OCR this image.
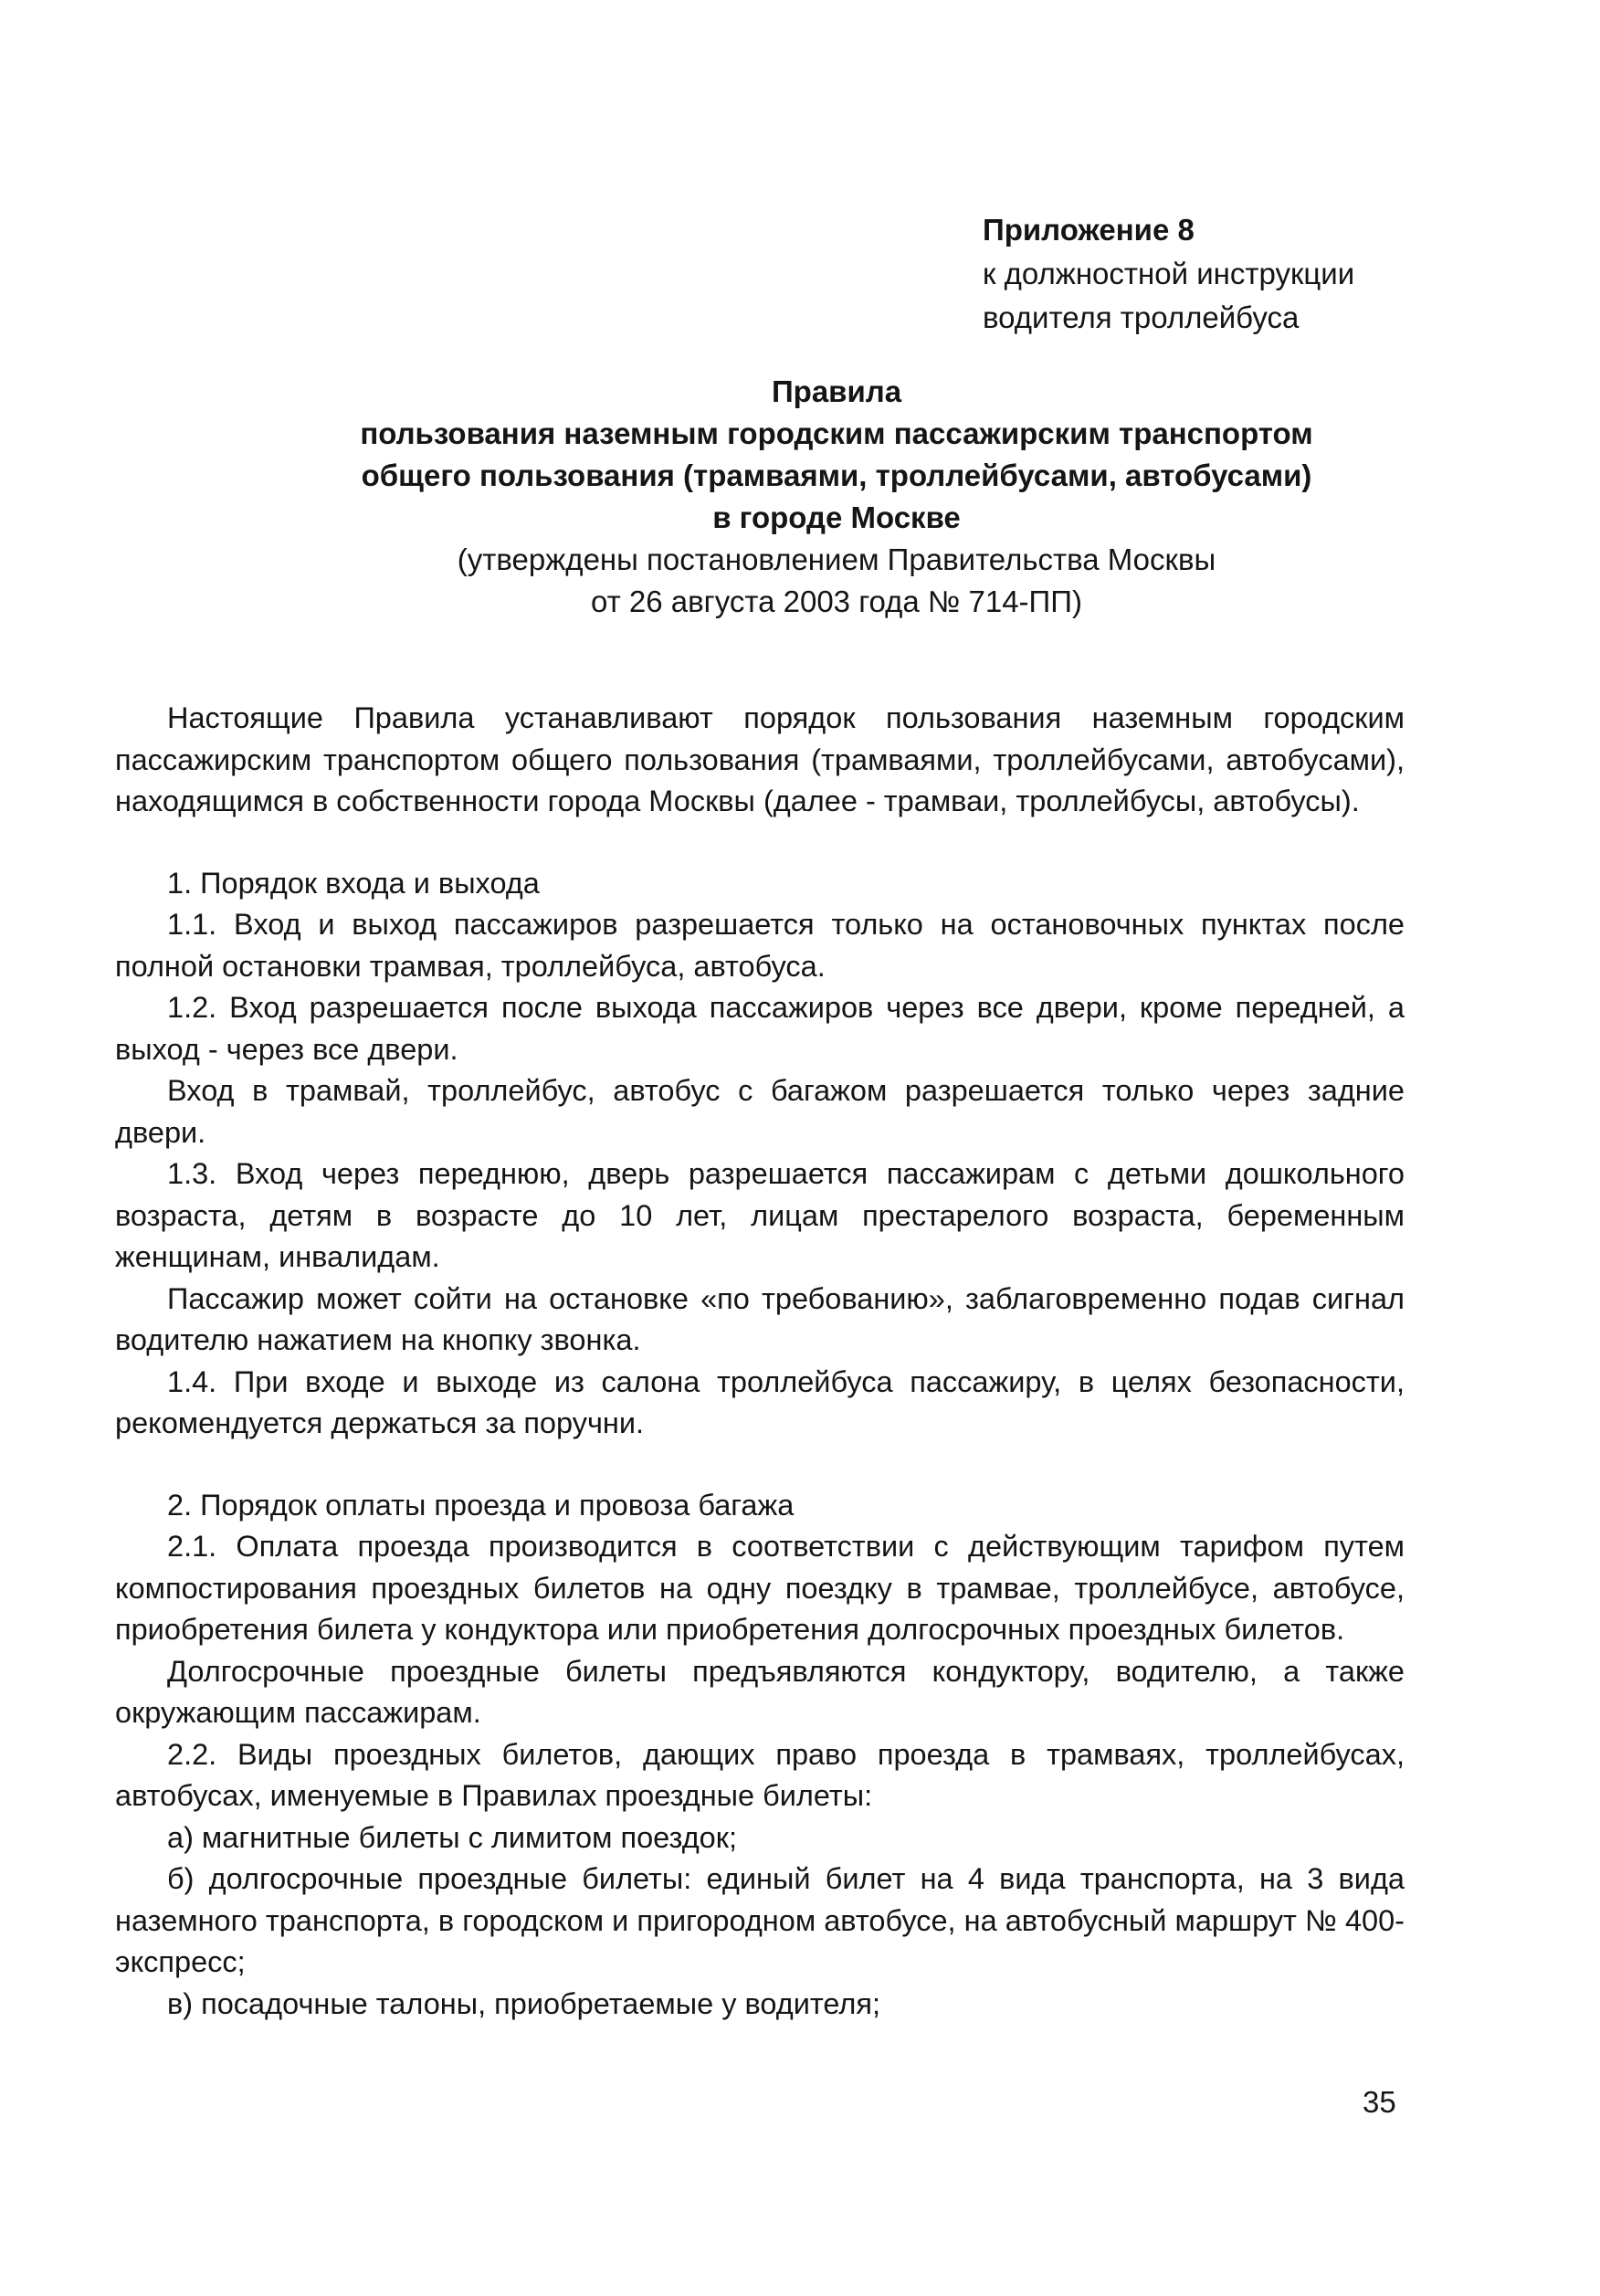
Приложение 8
к должностной инструкции
водителя троллейбуса
Правила
пользования наземным городским пассажирским транспортом
общего пользования (трамваями, троллейбусами, автобусами)
в городе Москве
(утверждены постановлением Правительства Москвы
от 26 августа 2003 года № 714-ПП)

Настоящие Правила устанавливают порядок пользования наземным городским пассажирским транспортом общего пользования (трамваями, троллейбусами, автобусами), находящимся в собственности города Москвы (далее - трамваи, троллейбусы, автобусы).

1. Порядок входа и выхода

1.1. Вход и выход пассажиров разрешается только на остановочных пунктах после полной остановки трамвая, троллейбуса, автобуса.

1.2. Вход разрешается после выхода пассажиров через все двери, кроме передней, а выход - через все двери.

Вход в трамвай, троллейбус, автобус с багажом разрешается только через задние двери.

1.3. Вход через переднюю, дверь разрешается пассажирам с детьми дошкольного возраста, детям в возрасте до 10 лет, лицам престарелого возраста, беременным женщинам, инвалидам.

Пассажир может сойти на остановке «по требованию», заблаговременно подав сигнал водителю нажатием на кнопку звонка.

1.4. При входе и выходе из салона троллейбуса пассажиру, в целях безопасности, рекомендуется держаться за поручни.

2. Порядок оплаты проезда и провоза багажа

2.1. Оплата проезда производится в соответствии с действующим тарифом путем компостирования проездных билетов на одну поездку в трамвае, троллейбусе, автобусе, приобретения билета у кондуктора или приобретения долгосрочных проездных билетов.

Долгосрочные проездные билеты предъявляются кондуктору, водителю, а также окружающим пассажирам.

2.2. Виды проездных билетов, дающих право проезда в трамваях, троллейбусах, автобусах, именуемые в Правилах проездные билеты:

а) магнитные билеты с лимитом поездок;

б) долгосрочные проездные билеты: единый билет на 4 вида транспорта, на 3 вида наземного транспорта, в городском и пригородном автобусе, на автобусный маршрут № 400-экспресс;

в) посадочные талоны, приобретаемые у водителя;

35
